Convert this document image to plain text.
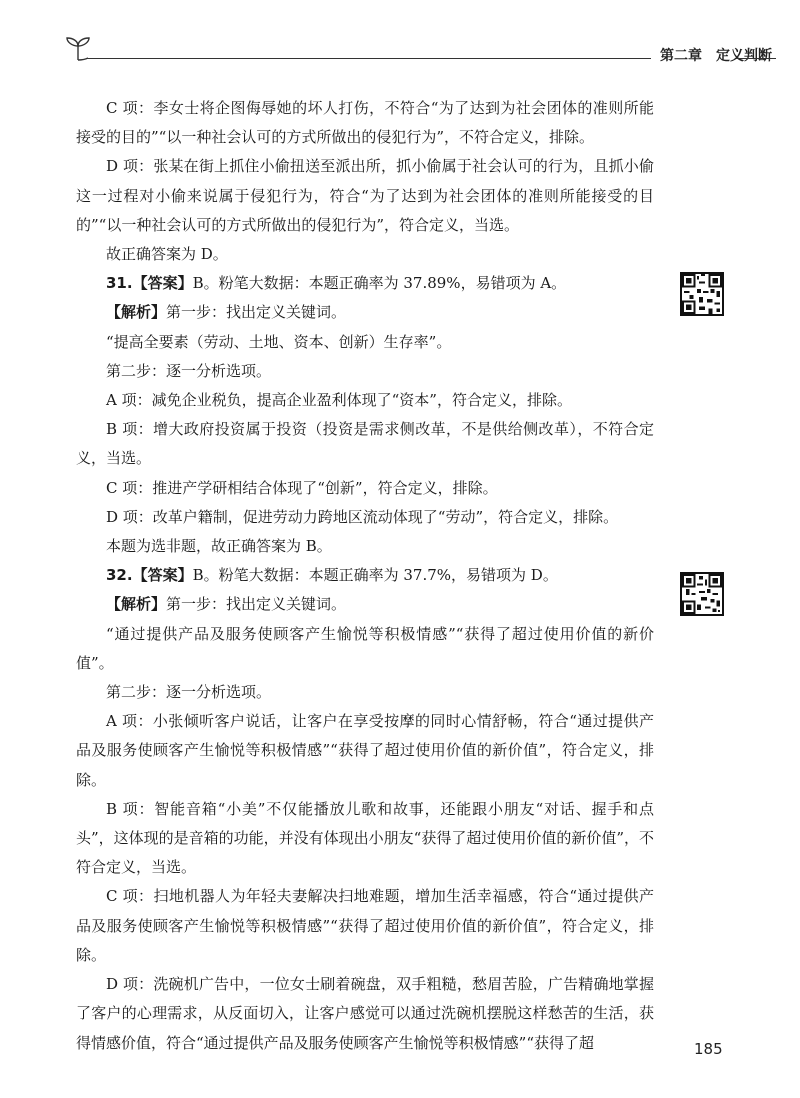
第二章　定义判断

C 项：李女士将企图侮辱她的坏人打伤，不符合“为了达到为社会团体的准则所能接受的目的”“以一种社会认可的方式所做出的侵犯行为”，不符合定义，排除。

D 项：张某在街上抓住小偷扭送至派出所，抓小偷属于社会认可的行为，且抓小偷这一过程对小偷来说属于侵犯行为，符合“为了达到为社会团体的准则所能接受的目的”“以一种社会认可的方式所做出的侵犯行为”，符合定义，当选。

故正确答案为 D。

31.【答案】B。粉笔大数据：本题正确率为 37.89%，易错项为 A。

【解析】第一步：找出定义关键词。

“提高全要素（劳动、土地、资本、创新）生存率”。

第二步：逐一分析选项。

A 项：减免企业税负，提高企业盈利体现了“资本”，符合定义，排除。

B 项：增大政府投资属于投资（投资是需求侧改革，不是供给侧改革），不符合定义，当选。

C 项：推进产学研相结合体现了“创新”，符合定义，排除。

D 项：改革户籍制，促进劳动力跨地区流动体现了“劳动”，符合定义，排除。

本题为选非题，故正确答案为 B。

32.【答案】B。粉笔大数据：本题正确率为 37.7%，易错项为 D。

【解析】第一步：找出定义关键词。

“通过提供产品及服务使顾客产生愉悦等积极情感”“获得了超过使用价值的新价值”。

第二步：逐一分析选项。

A 项：小张倾听客户说话，让客户在享受按摩的同时心情舒畅，符合“通过提供产品及服务使顾客产生愉悦等积极情感”“获得了超过使用价值的新价值”，符合定义，排除。

B 项：智能音箱“小美”不仅能播放儿歌和故事，还能跟小朋友“对话、握手和点头”，这体现的是音箱的功能，并没有体现出小朋友“获得了超过使用价值的新价值”，不符合定义，当选。

C 项：扫地机器人为年轻夫妻解决扫地难题，增加生活幸福感，符合“通过提供产品及服务使顾客产生愉悦等积极情感”“获得了超过使用价值的新价值”，符合定义，排除。

D 项：洗碗机广告中，一位女士刷着碗盘，双手粗糙，愁眉苦脸，广告精确地掌握了客户的心理需求，从反面切入，让客户感觉可以通过洗碗机摆脱这样愁苦的生活，获得情感价值，符合“通过提供产品及服务使顾客产生愉悦等积极情感”“获得了超	185
